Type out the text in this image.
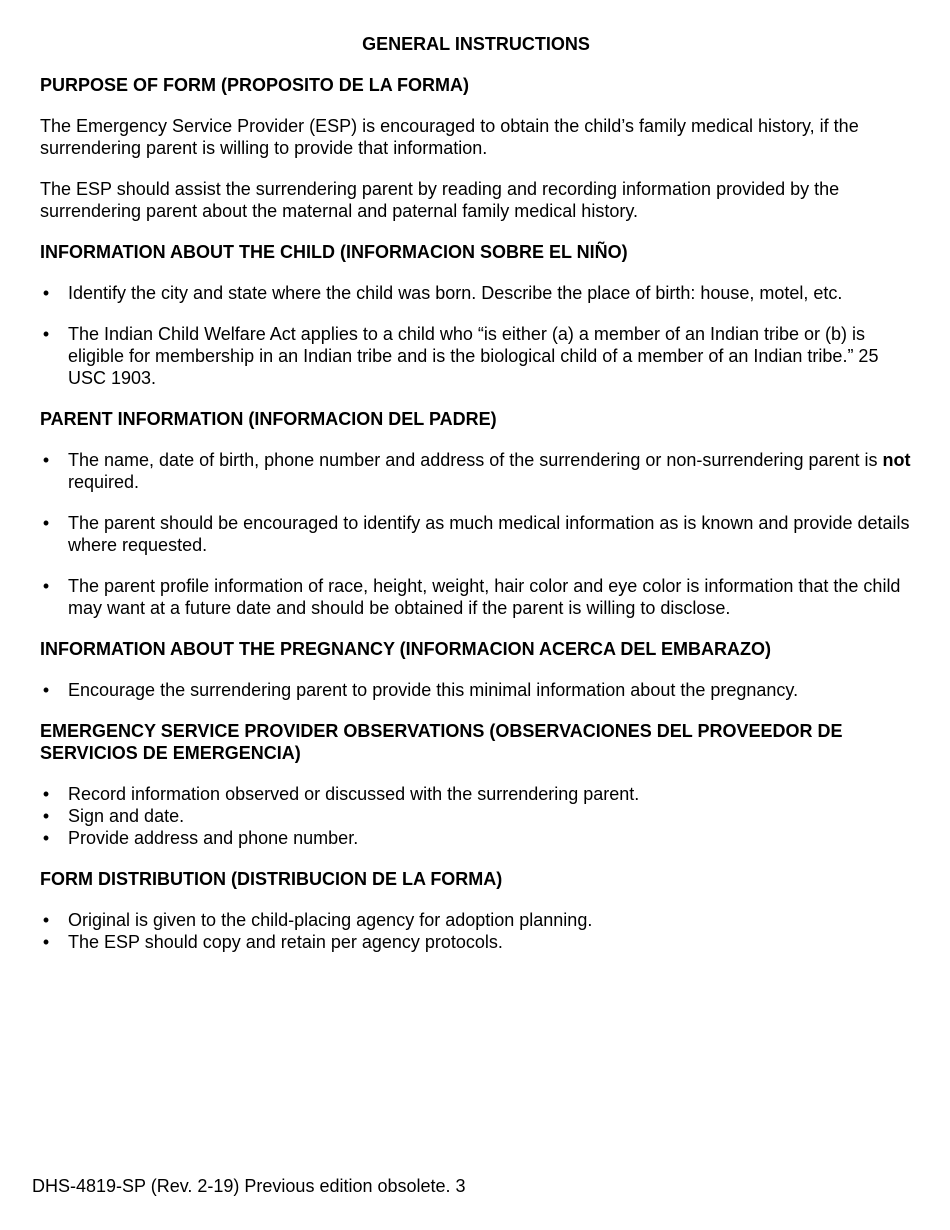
GENERAL INSTRUCTIONS
PURPOSE OF FORM (PROPOSITO DE LA FORMA)

The Emergency Service Provider (ESP) is encouraged to obtain the child’s family medical history, if the surrendering parent is willing to provide that information.

The ESP should assist the surrendering parent by reading and recording information provided by the surrendering parent about the maternal and paternal family medical history.

INFORMATION ABOUT THE CHILD (INFORMACION SOBRE EL NIÑO)
• Identify the city and state where the child was born. Describe the place of birth: house, motel, etc.
• The Indian Child Welfare Act applies to a child who “is either (a) a member of an Indian tribe or (b) is eligible for membership in an Indian tribe and is the biological child of a member of an Indian tribe.” 25 USC 1903.
PARENT INFORMATION (INFORMACION DEL PADRE)
• The name, date of birth, phone number and address of the surrendering or non-surrendering parent is not required.
• The parent should be encouraged to identify as much medical information as is known and provide details where requested.
• The parent profile information of race, height, weight, hair color and eye color is information that the child may want at a future date and should be obtained if the parent is willing to disclose.
INFORMATION ABOUT THE PREGNANCY (INFORMACION ACERCA DEL EMBARAZO)
• Encourage the surrendering parent to provide this minimal information about the pregnancy.
EMERGENCY SERVICE PROVIDER OBSERVATIONS (OBSERVACIONES DEL PROVEEDOR DE SERVICIOS DE EMERGENCIA)
• Record information observed or discussed with the surrendering parent.
• Sign and date.
• Provide address and phone number.
FORM DISTRIBUTION (DISTRIBUCION DE LA FORMA)
• Original is given to the child-placing agency for adoption planning.
• The ESP should copy and retain per agency protocols.
DHS-4819-SP (Rev. 2-19) Previous edition obsolete. 3
